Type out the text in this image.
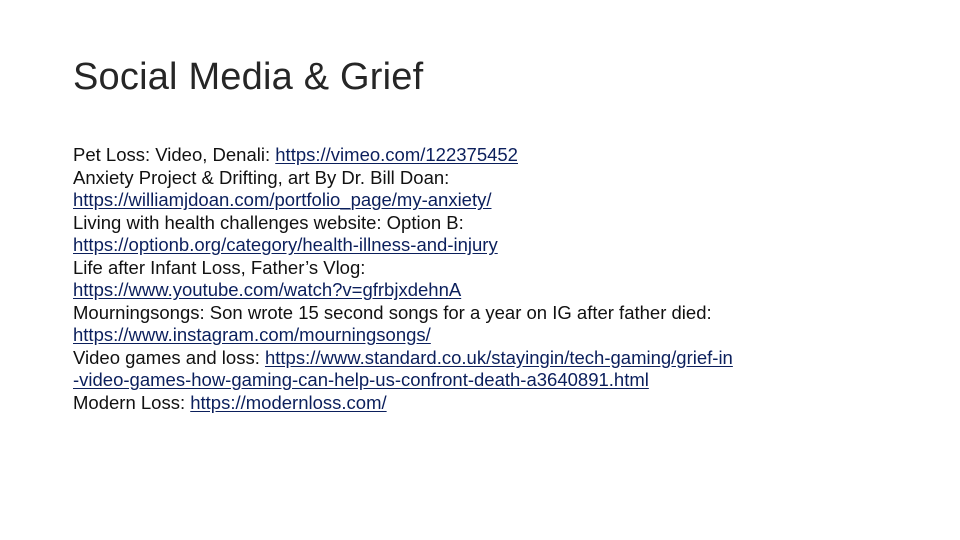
Social Media & Grief
Pet Loss: Video, Denali: https://vimeo.com/122375452
Anxiety Project & Drifting, art By Dr. Bill Doan:
https://williamjdoan.com/portfolio_page/my-anxiety/
Living with health challenges website: Option B:
https://optionb.org/category/health-illness-and-injury
Life after Infant Loss, Father’s Vlog:
https://www.youtube.com/watch?v=gfrbjxdehnA
Mourningsongs: Son wrote 15 second songs for a year on IG after father died:
https://www.instagram.com/mourningsongs/
Video games and loss: https://www.standard.co.uk/stayingin/tech-gaming/grief-in
-video-games-how-gaming-can-help-us-confront-death-a3640891.html
Modern Loss: https://modernloss.com/
